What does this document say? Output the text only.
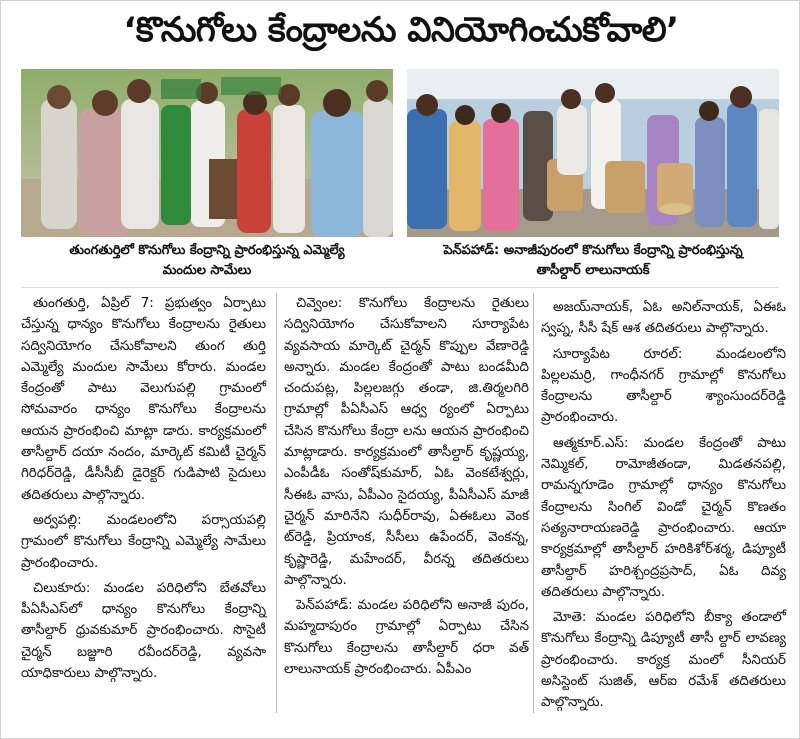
‘కొనుగోలు కేంద్రాలను వినియోగించుకోవాలి’
తుంగతుర్తిలో కొనుగోలు కేంద్రాన్ని ప్రారంభిస్తున్న ఎమ్మెల్యే
మందుల సామేలు
పెన్‌పహాడ్: అనాజీపురంలో కొనుగోలు కేంద్రాన్ని ప్రారంభిస్తున్న
తాసీల్దార్ లాలునాయక్

తుంగతుర్తి, ఏప్రిల్ 7: ప్రభుత్వం ఏర్పాటు చేస్తున్న ధాన్యం కొనుగోలు కేంద్రాలను రైతులు సద్వినియోగం చేసుకోవాలని తుంగ తుర్తి ఎమ్మెల్యే మందుల సామేలు కోరారు. మండల కేంద్రంతో పాటు వెలుగుపల్లి గ్రామంలో సోమవారం ధాన్యం కొనుగోలు కేంద్రాలను ఆయన ప్రారంభించి మాట్లా డారు. కార్యక్రమంలో తాసీల్దార్ దయా నందం, మార్కెట్ కమిటీ చైర్మన్ గిరిధర్‌రెడ్డి, డీసీసీబీ డైరెక్టర్ గుడిపాటి సైదులు తదితరులు పాల్గొన్నారు.

అర్వపల్లి: మండలంలోని పర్సాయపల్లి గ్రామంలో కొనుగోలు కేంద్రాన్ని ఎమ్మెల్యే సామేలు ప్రారంభించారు.

చిలుకూరు: మండల పరిధిలోని బేతవోలు పీఏసీఎస్‌లో ధాన్యం కొనుగోలు కేంద్రాన్ని తాసీల్దార్ ధ్రువకుమార్ ప్రారంభించారు. సొసైటీ చైర్మన్ బజ్జూరి రవీందర్‌రెడ్డి, వ్యవసా యాధికారులు పాల్గొన్నారు.

చివ్వెంల: కొనుగోలు కేంద్రాలను రైతులు సద్వినియోగం చేసుకోవాలని సూర్యాపేట వ్యవసాయ మార్కెట్ చైర్మన్ కొప్పుల వేణారెడ్డి అన్నారు. మండల కేంద్రంతో పాటు బండమీది చందుపట్ల, పిల్లలజగ్గు తండా, జి.తిర్మలగిరి గ్రామాల్లో పీఏసీఎస్ ఆధ్వ ర్యంలో ఏర్పాటు చేసిన కొనుగోలు కేంద్రా లను ఆయన ప్రారంభించి మాట్లాడారు. కార్యక్రమంలో తాసీల్దార్ కృష్ణయ్య, ఎంపీడీఓ సంతోష్‌కుమార్, ఏఓ వెంకటేశ్వర్లు, సీఈఓ వాసు, ఏపీఎం సైదయ్య, పీఏసీఎస్ మాజీ చైర్మన్ మారినేని సుధీర్‌రావు, ఏఈఓలు వెంక ట్‌రెడ్డి, ప్రియాంక, సీసీలు ఉపేందర్, వెంకన్న, కృష్ణారెడ్డి, మహేందర్, వీరన్న తదితరులు పాల్గొన్నారు.

పెన్‌పహాడ్: మండల పరిధిలోని అనాజీ పురం, మహ్మదాపురం గ్రామాల్లో ఏర్పాటు చేసిన కొనుగోలు కేంద్రాలను తాసీల్దార్ ధరా వత్ లాలునాయక్ ప్రారంభించారు. ఏపీఎం

అజయ్‌నాయక్, ఏఓ అనిల్‌నాయక్, ఏఈఓ స్వప్న, సీసీ షేక్ ఆశ తదితరులు పాల్గొన్నారు.

సూర్యాపేట రూరల్: మండలంలోని పిల్లలమర్రి, గాంధీనగర్ గ్రామాల్లో కొనుగోలు కేంద్రాలను తాసీల్దార్ శ్యాంసుందర్‌రెడ్డి ప్రారంభించారు.

ఆత్మకూర్.ఎస్: మండల కేంద్రంతో పాటు నెమ్మికల్, రామోజీతండా, మిడతనపల్లి, రామన్నగూడెం గ్రామాల్లో ధాన్యం కొనుగోలు కేంద్రాలను సింగిల్ విండో చైర్మన్ కొణతం సత్యనారాయణరెడ్డి ప్రారంభించారు. ఆయా కార్యక్రమాల్లో తాసీల్దార్ హరికిశోర్‌శర్మ, డిప్యూటీ తాసీల్దార్ హరిశ్చంద్రప్రసాద్, ఏఓ దివ్య తదితరులు పాల్గొన్నారు.

మోతె: మండల పరిధిలోని బీక్యా తండాలో కొనుగోలు కేంద్రాన్ని డిప్యూటీ తాసీ ల్దార్ లావణ్య ప్రారంభించారు. కార్యక్ర మంలో సీనియర్ అసిస్టెంట్ సుజిత్, ఆర్ఐ రమేశ్ తదితరులు పాల్గొన్నారు.
